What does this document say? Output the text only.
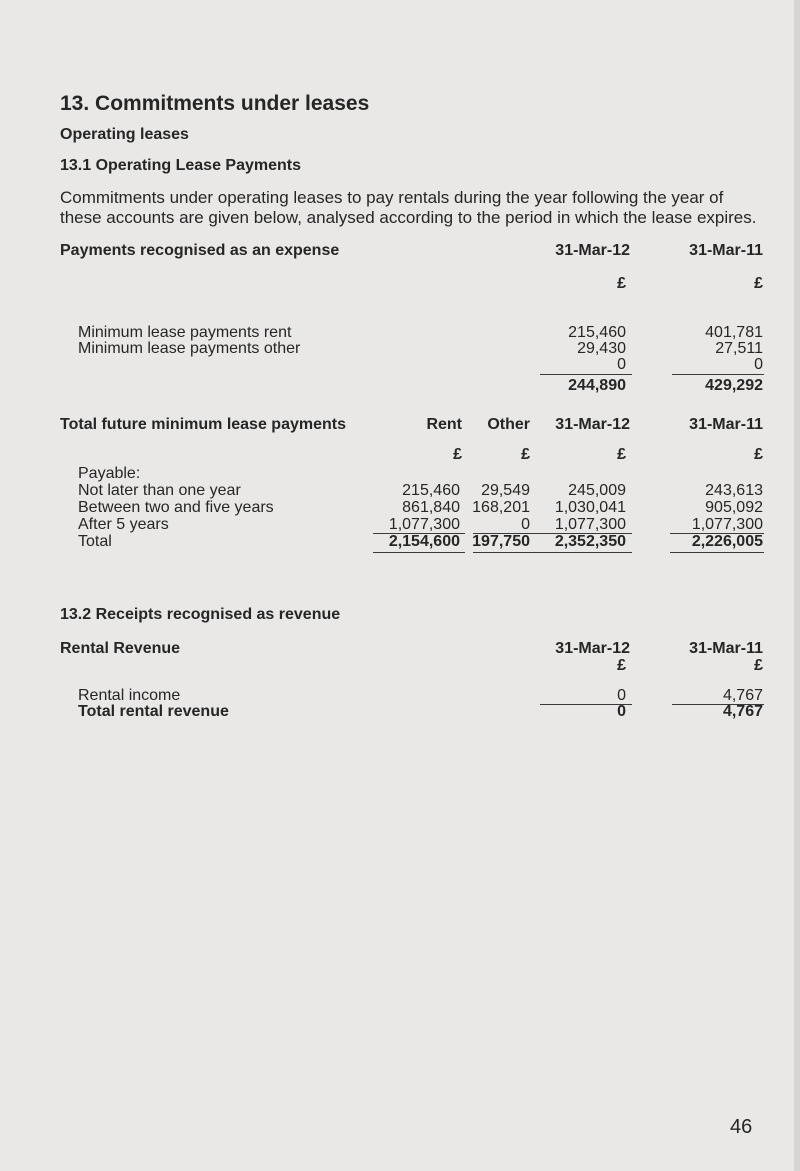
13. Commitments under leases
Operating leases
13.1 Operating Lease Payments
Commitments under operating leases to pay rentals during the year following the year of these accounts are given below, analysed according to the period in which the lease expires.
Payments recognised as an expense	31-Mar-12	31-Mar-11
£	£
Minimum lease payments rent	215,460	401,781
Minimum lease payments other	29,430	27,511
0	0
244,890	429,292
Total future minimum lease payments	Rent	Other	31-Mar-12	31-Mar-11
£	£	£	£
Payable:
Not later than one year	215,460	29,549	245,009	243,613
Between two and five years	861,840 168,201	1,030,041	905,092
After 5 years	1,077,300	0	1,077,300	1,077,300
Total	2,154,600 197,750	2,352,350	2,226,005
13.2 Receipts recognised as revenue
Rental Revenue	31-Mar-12	31-Mar-11
£	£
Rental income	0	4,767
Total rental revenue	0	4,767
46
